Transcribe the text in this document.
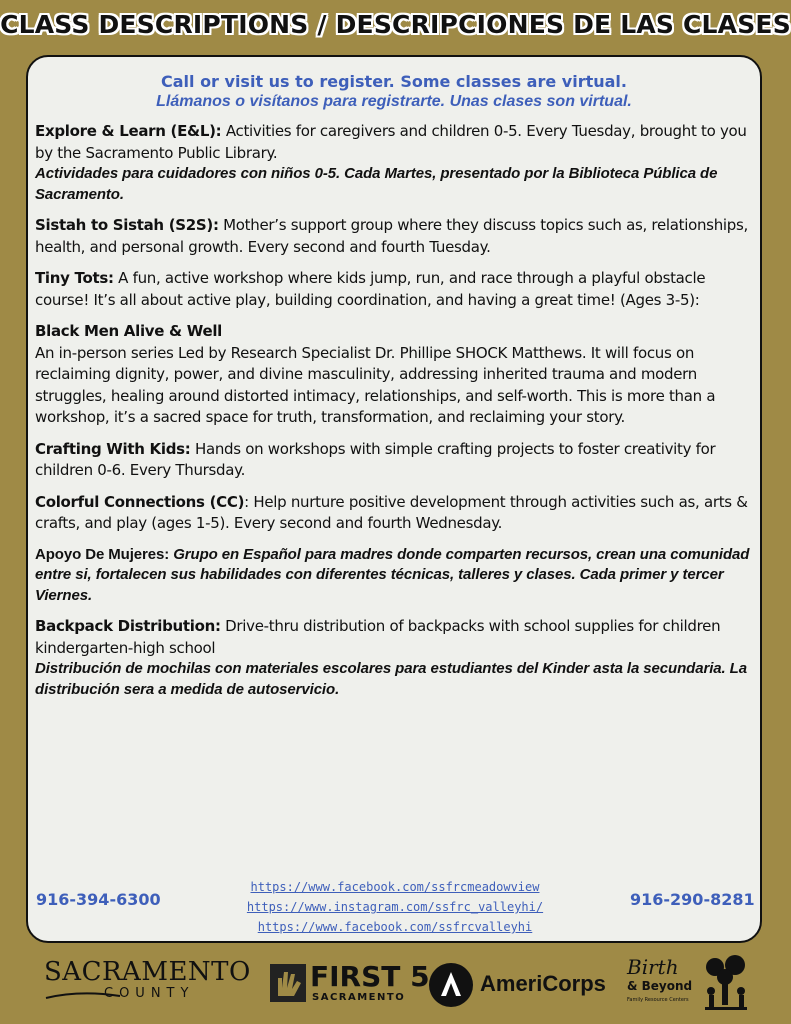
CLASS DESCRIPTIONS / DESCRIPCIONES DE LAS CLASES
Call or visit us to register. Some classes are virtual.
Llámanos o visítanos para registrarte. Unas clases son virtual.
Explore & Learn (E&L): Activities for caregivers and children 0-5. Every Tuesday, brought to you by the Sacramento Public Library.
Actividades para cuidadores con niños 0-5. Cada Martes, presentado por la Biblioteca Pública de Sacramento.
Sistah to Sistah (S2S): Mother’s support group where they discuss topics such as, relationships, health, and personal growth. Every second and fourth Tuesday.
Tiny Tots: A fun, active workshop where kids jump, run, and race through a playful obstacle course! It’s all about active play, building coordination, and having a great time! (Ages 3-5):
Black Men Alive & Well
An in-person series Led by Research Specialist Dr. Phillipe SHOCK Matthews. It will focus on reclaiming dignity, power, and divine masculinity, addressing inherited trauma and modern struggles, healing around distorted intimacy, relationships, and self-worth. This is more than a workshop, it’s a sacred space for truth, transformation, and reclaiming your story.
Crafting With Kids: Hands on workshops with simple crafting projects to foster creativity for children 0-6. Every Thursday.
Colorful Connections (CC): Help nurture positive development through activities such as, arts & crafts, and play (ages 1-5). Every second and fourth Wednesday.
Apoyo De Mujeres: Grupo en Español para madres donde comparten recursos, crean una comunidad entre si, fortalecen sus habilidades con diferentes técnicas, talleres y clases. Cada primer y tercer Viernes.
Backpack Distribution: Drive-thru distribution of backpacks with school supplies for children kindergarten-high school
Distribución de mochilas con materiales escolares para estudiantes del Kinder asta la secundaria. La distribución sera a medida de autoservicio.
916-394-6300
https://www.facebook.com/ssfrcmeadowview
https://www.instagram.com/ssfrc_valleyhi/
https://www.facebook.com/ssfrcvalleyhi
916-290-8281
SACRAMENTO
COUNTY
FIRST 5
SACRAMENTO
AmeriCorps
Birth
& Beyond
Family Resource Centers
